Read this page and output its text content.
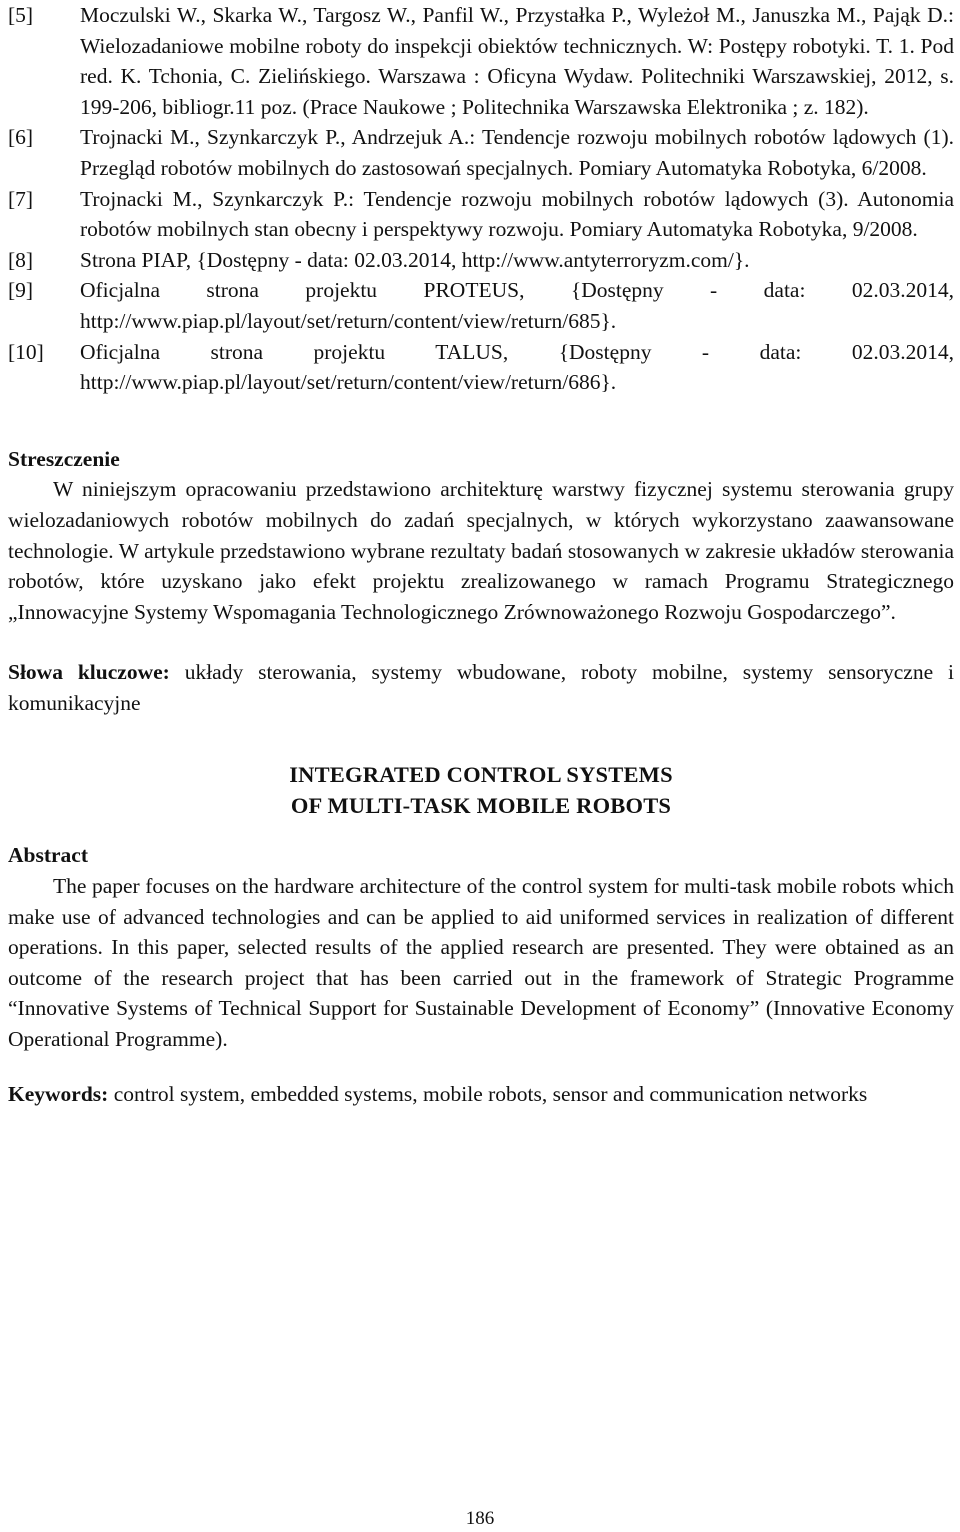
[5]	Moczulski W., Skarka W., Targosz W., Panfil W., Przystałka P., Wyleżoł M., Januszka M., Pająk D.: Wielozadaniowe mobilne roboty do inspekcji obiektów technicznych. W: Postępy robotyki. T. 1. Pod red. K. Tchonia, C. Zielińskiego. Warszawa : Oficyna Wydaw. Politechniki Warszawskiej, 2012, s. 199-206, bibliogr.11 poz. (Prace Naukowe ; Politechnika Warszawska Elektronika ; z. 182).
[6]	Trojnacki M., Szynkarczyk P., Andrzejuk A.: Tendencje rozwoju mobilnych robotów lądowych (1). Przegląd robotów mobilnych do zastosowań specjalnych. Pomiary Automatyka Robotyka, 6/2008.
[7]	Trojnacki M., Szynkarczyk P.: Tendencje rozwoju mobilnych robotów lądowych (3). Autonomia robotów mobilnych stan obecny i perspektywy rozwoju. Pomiary Automatyka Robotyka, 9/2008.
[8]	Strona PIAP, {Dostępny - data: 02.03.2014, http://www.antyterroryzm.com/}.
[9]	Oficjalna strona projektu PROTEUS, {Dostępny - data: 02.03.2014, http://www.piap.pl/layout/set/return/content/view/return/685}.
[10]	Oficjalna strona projektu TALUS, {Dostępny - data: 02.03.2014, http://www.piap.pl/layout/set/return/content/view/return/686}.
Streszczenie

W niniejszym opracowaniu przedstawiono architekturę warstwy fizycznej systemu sterowania grupy wielozadaniowych robotów mobilnych do zadań specjalnych, w których wykorzystano zaawansowane technologie. W artykule przedstawiono wybrane rezultaty badań stosowanych w zakresie układów sterowania robotów, które uzyskano jako efekt projektu zrealizowanego w ramach Programu Strategicznego „Innowacyjne Systemy Wspomagania Technologicznego Zrównoważonego Rozwoju Gospodarczego”.

Słowa kluczowe: układy sterowania, systemy wbudowane, roboty mobilne, systemy sensoryczne i komunikacyjne

INTEGRATED CONTROL SYSTEMS
OF MULTI-TASK MOBILE ROBOTS
Abstract

The paper focuses on the hardware architecture of the control system for multi-task mobile robots which make use of advanced technologies and can be applied to aid uniformed services in realization of different operations. In this paper, selected results of the applied research are presented. They were obtained as an outcome of the research project that has been carried out in the framework of Strategic Programme “Innovative Systems of Technical Support for Sustainable Development of Economy” (Innovative Economy Operational Programme).

Keywords: control system, embedded systems, mobile robots, sensor and communication networks

186
